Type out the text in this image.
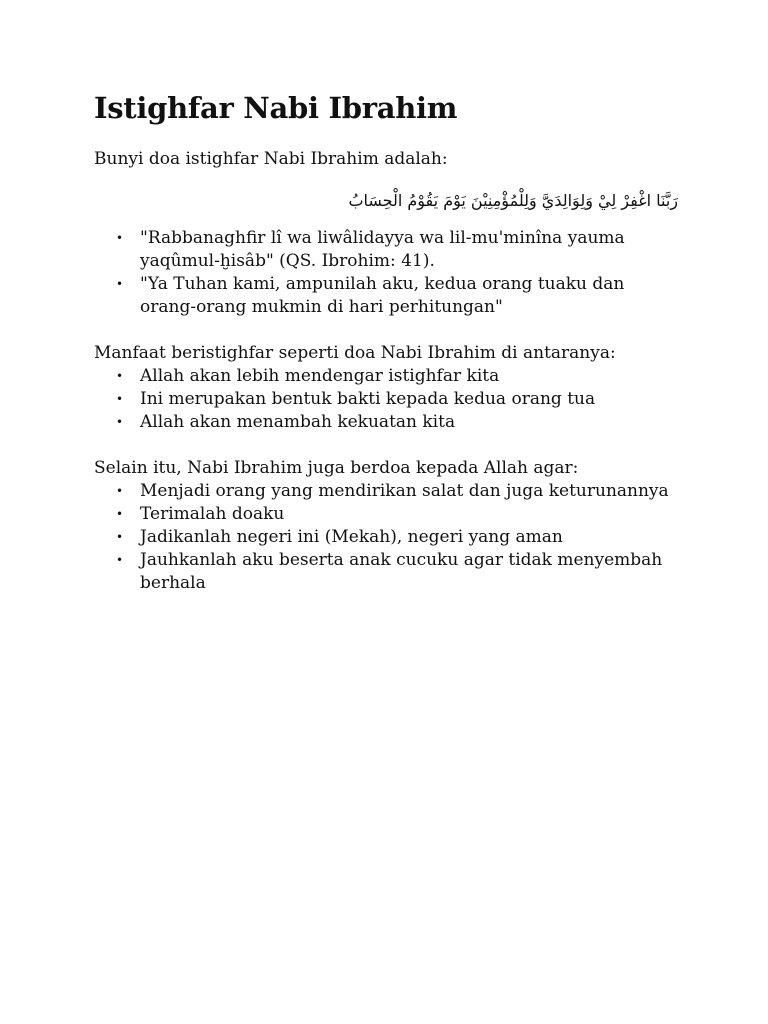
Istighfar Nabi Ibrahim

Bunyi doa istighfar Nabi Ibrahim adalah:

رَبَّنَا اغْفِرْ لِيْ وَلِوَالِدَيَّ وَلِلْمُؤْمِنِيْنَ يَوْمَ يَقُوْمُ الْحِسَابُ

• "Rabbanaghfir lî wa liwâlidayya wa lil-mu'minîna yauma yaqûmul-ḫisâb" (QS. Ibrohim: 41).
• "Ya Tuhan kami, ampunilah aku, kedua orang tuaku dan orang-orang mukmin di hari perhitungan"

Manfaat beristighfar seperti doa Nabi Ibrahim di antaranya:

• Allah akan lebih mendengar istighfar kita
• Ini merupakan bentuk bakti kepada kedua orang tua
• Allah akan menambah kekuatan kita

Selain itu, Nabi Ibrahim juga berdoa kepada Allah agar:

• Menjadi orang yang mendirikan salat dan juga keturunannya
• Terimalah doaku
• Jadikanlah negeri ini (Mekah), negeri yang aman
• Jauhkanlah aku beserta anak cucuku agar tidak menyembah berhala
